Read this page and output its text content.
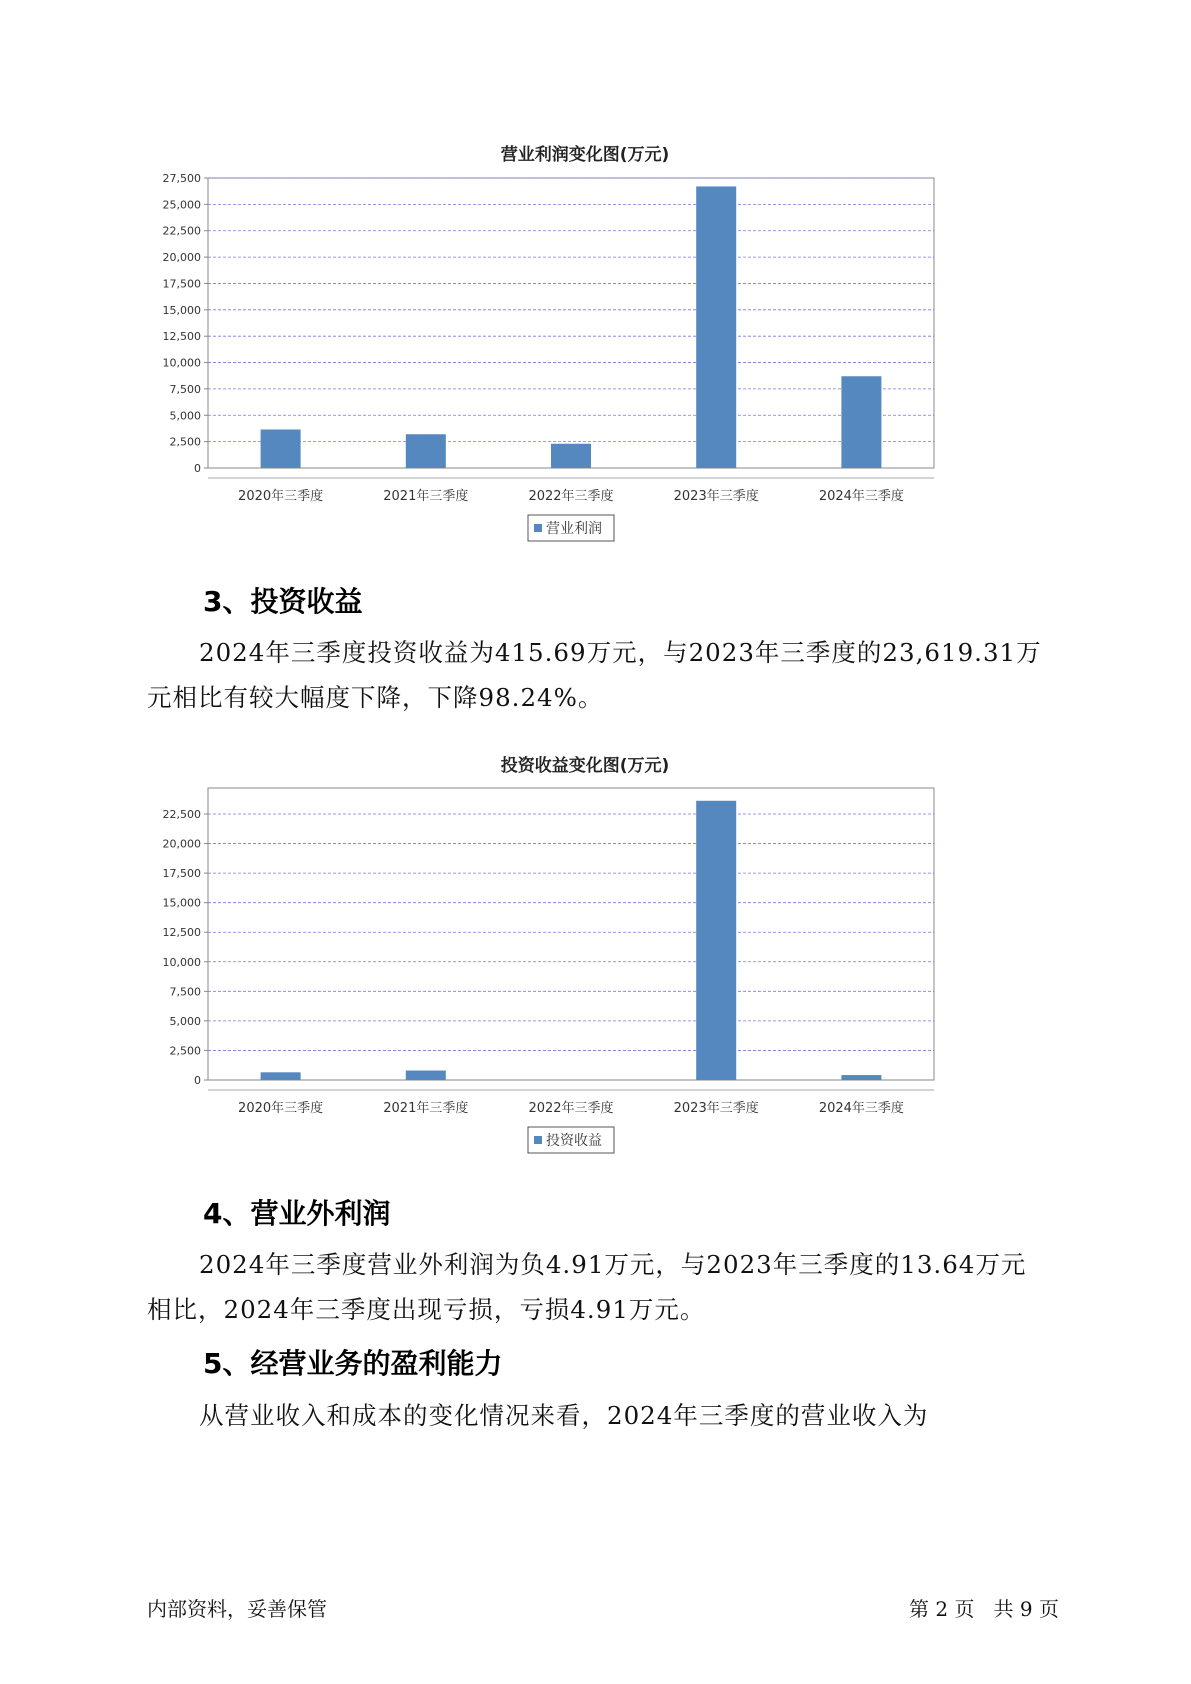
营业利润变化图(万元)
0
2,500
5,000
7,500
10,000
12,500
15,000
17,500
20,000
22,500
25,000
27,500
2020年三季度	2021年三季度	2022年三季度	2023年三季度	2024年三季度
营业利润
3、投资收益
2024年三季度投资收益为415.69万元，与2023年三季度的23,619.31万
元相比有较大幅度下降，下降98.24%。
投资收益变化图(万元)
0
2,500
5,000
7,500
10,000
12,500
15,000
17,500
20,000
22,500
2020年三季度	2021年三季度	2022年三季度	2023年三季度	2024年三季度
投资收益
4、营业外利润
2024年三季度营业外利润为负4.91万元，与2023年三季度的13.64万元
相比，2024年三季度出现亏损，亏损4.91万元。
5、经营业务的盈利能力
从营业收入和成本的变化情况来看，2024年三季度的营业收入为
内部资料，妥善保管	第 2 页   共 9 页
